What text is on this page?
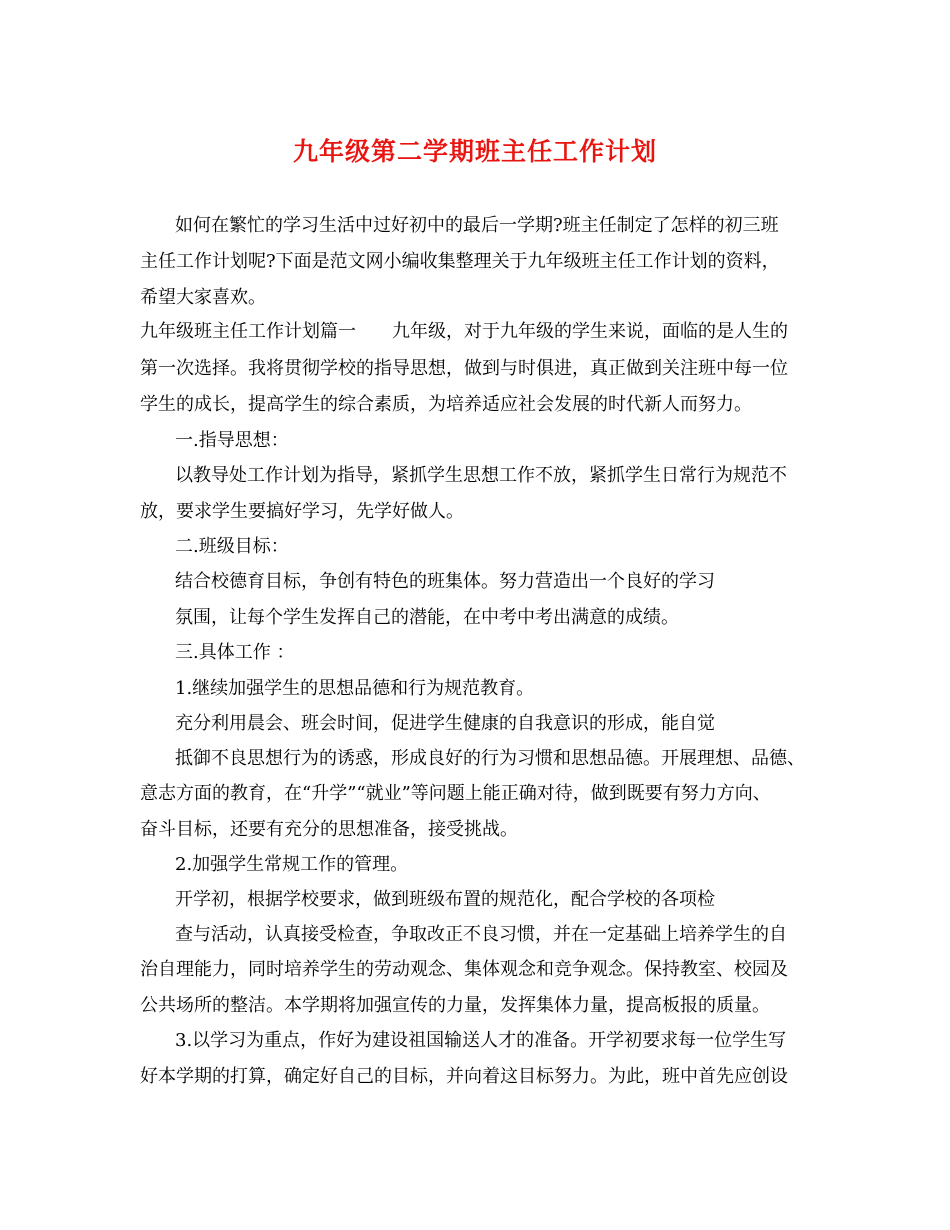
九年级第二学期班主任工作计划
如何在繁忙的学习生活中过好初中的最后一学期?班主任制定了怎样的初三班
主任工作计划呢?下面是范文网小编收集整理关于九年级班主任工作计划的资料，
希望大家喜欢。
九年级班主任工作计划篇一　　九年级，对于九年级的学生来说，面临的是人生的
第一次选择。我将贯彻学校的指导思想，做到与时俱进，真正做到关注班中每一位
学生的成长，提高学生的综合素质，为培养适应社会发展的时代新人而努力。
一.指导思想：
以教导处工作计划为指导，紧抓学生思想工作不放，紧抓学生日常行为规范不
放，要求学生要搞好学习，先学好做人。
二.班级目标：
结合校德育目标，争创有特色的班集体。努力营造出一个良好的学习
氛围，让每个学生发挥自己的潜能，在中考中考出满意的成绩。
三.具体工作 ：
1.继续加强学生的思想品德和行为规范教育。
充分利用晨会、班会时间，促进学生健康的自我意识的形成，能自觉
抵御不良思想行为的诱惑，形成良好的行为习惯和思想品德。开展理想、品德、
意志方面的教育，在“升学”“就业”等问题上能正确对待，做到既要有努力方向、
奋斗目标，还要有充分的思想准备，接受挑战。
2.加强学生常规工作的管理。
开学初，根据学校要求，做到班级布置的规范化，配合学校的各项检
查与活动，认真接受检查，争取改正不良习惯，并在一定基础上培养学生的自
治自理能力，同时培养学生的劳动观念、集体观念和竞争观念。保持教室、校园及
公共场所的整洁。本学期将加强宣传的力量，发挥集体力量，提高板报的质量。
3.以学习为重点，作好为建设祖国输送人才的准备。开学初要求每一位学生写
好本学期的打算，确定好自己的目标，并向着这目标努力。为此，班中首先应创设
